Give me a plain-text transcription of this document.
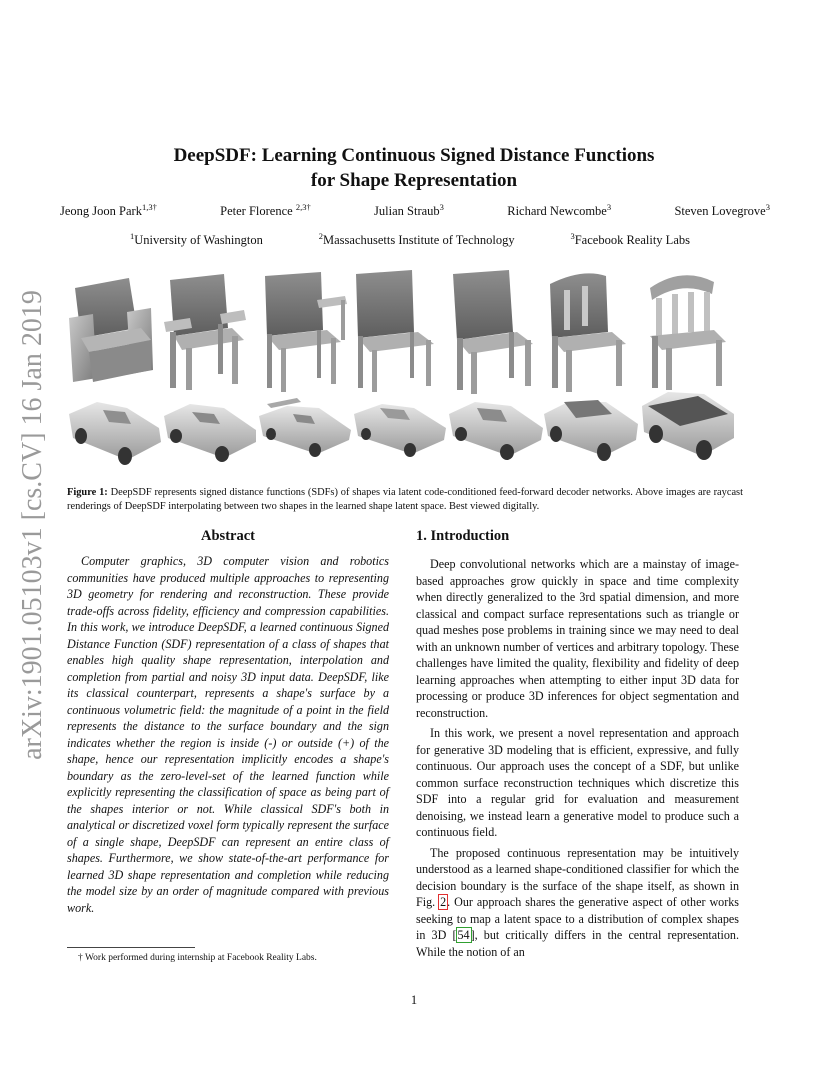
DeepSDF: Learning Continuous Signed Distance Functions
for Shape Representation
Jeong Joon Park$^{1,3\dagger}$	Peter Florence $^{2,3\dagger}$	Julian Straub$^3$	Richard Newcombe$^3$	Steven Lovegrove$^3$
$^1$University of Washington	$^2$Massachusetts Institute of Technology	$^3$Facebook Reality Labs
arXiv:1901.05103v1 [cs.CV] 16 Jan 2019 Figure 1: DeepSDF represents signed distance functions (SDFs) of shapes via latent code-conditioned feed-forward decoder networks. Above images are raycast renderings of DeepSDF interpolating between two shapes in the learned shape latent space. Best viewed digitally.
Abstract
Computer graphics, 3D computer vision and robotics communities have produced multiple approaches to representing 3D geometry for rendering and reconstruction. These provide trade-offs across fidelity, efficiency and compression capabilities. In this work, we introduce DeepSDF, a learned continuous Signed Distance Function (SDF) representation of a class of shapes that enables high quality shape representation, interpolation and completion from partial and noisy 3D input data. DeepSDF, like its classical counterpart, represents a shape's surface by a continuous volumetric field: the magnitude of a point in the field represents the distance to the surface boundary and the sign indicates whether the region is inside (-) or outside (+) of the shape, hence our representation implicitly encodes a shape's boundary as the zero-level-set of the learned function while explicitly representing the classification of space as being part of the shapes interior or not. While classical SDF's both in analytical or discretized voxel form typically represent the surface of a single shape, DeepSDF can represent an entire class of shapes. Furthermore, we show state-of-the-art performance for learned 3D shape representation and completion while reducing the model size by an order of magnitude compared with previous work.
1. Introduction

Deep convolutional networks which are a mainstay of image-based approaches grow quickly in space and time complexity when directly generalized to the 3rd spatial dimension, and more classical and compact surface representations such as triangle or quad meshes pose problems in training since we may need to deal with an unknown number of vertices and arbitrary topology. These challenges have limited the quality, flexibility and fidelity of deep learning approaches when attempting to either input 3D data for processing or produce 3D inferences for object segmentation and reconstruction.

In this work, we present a novel representation and approach for generative 3D modeling that is efficient, expressive, and fully continuous. Our approach uses the concept of a SDF, but unlike common surface reconstruction techniques which discretize this SDF into a regular grid for evaluation and measurement denoising, we instead learn a generative model to produce such a continuous field.

The proposed continuous representation may be intuitively understood as a learned shape-conditioned classifier for which the decision boundary is the surface of the shape itself, as shown in Fig. 2. Our approach shares the generative aspect of other works seeking to map a latent space to a distribution of complex shapes in 3D [54], but critically differs in the central representation. While the notion of an

† Work performed during internship at Facebook Reality Labs.
1
